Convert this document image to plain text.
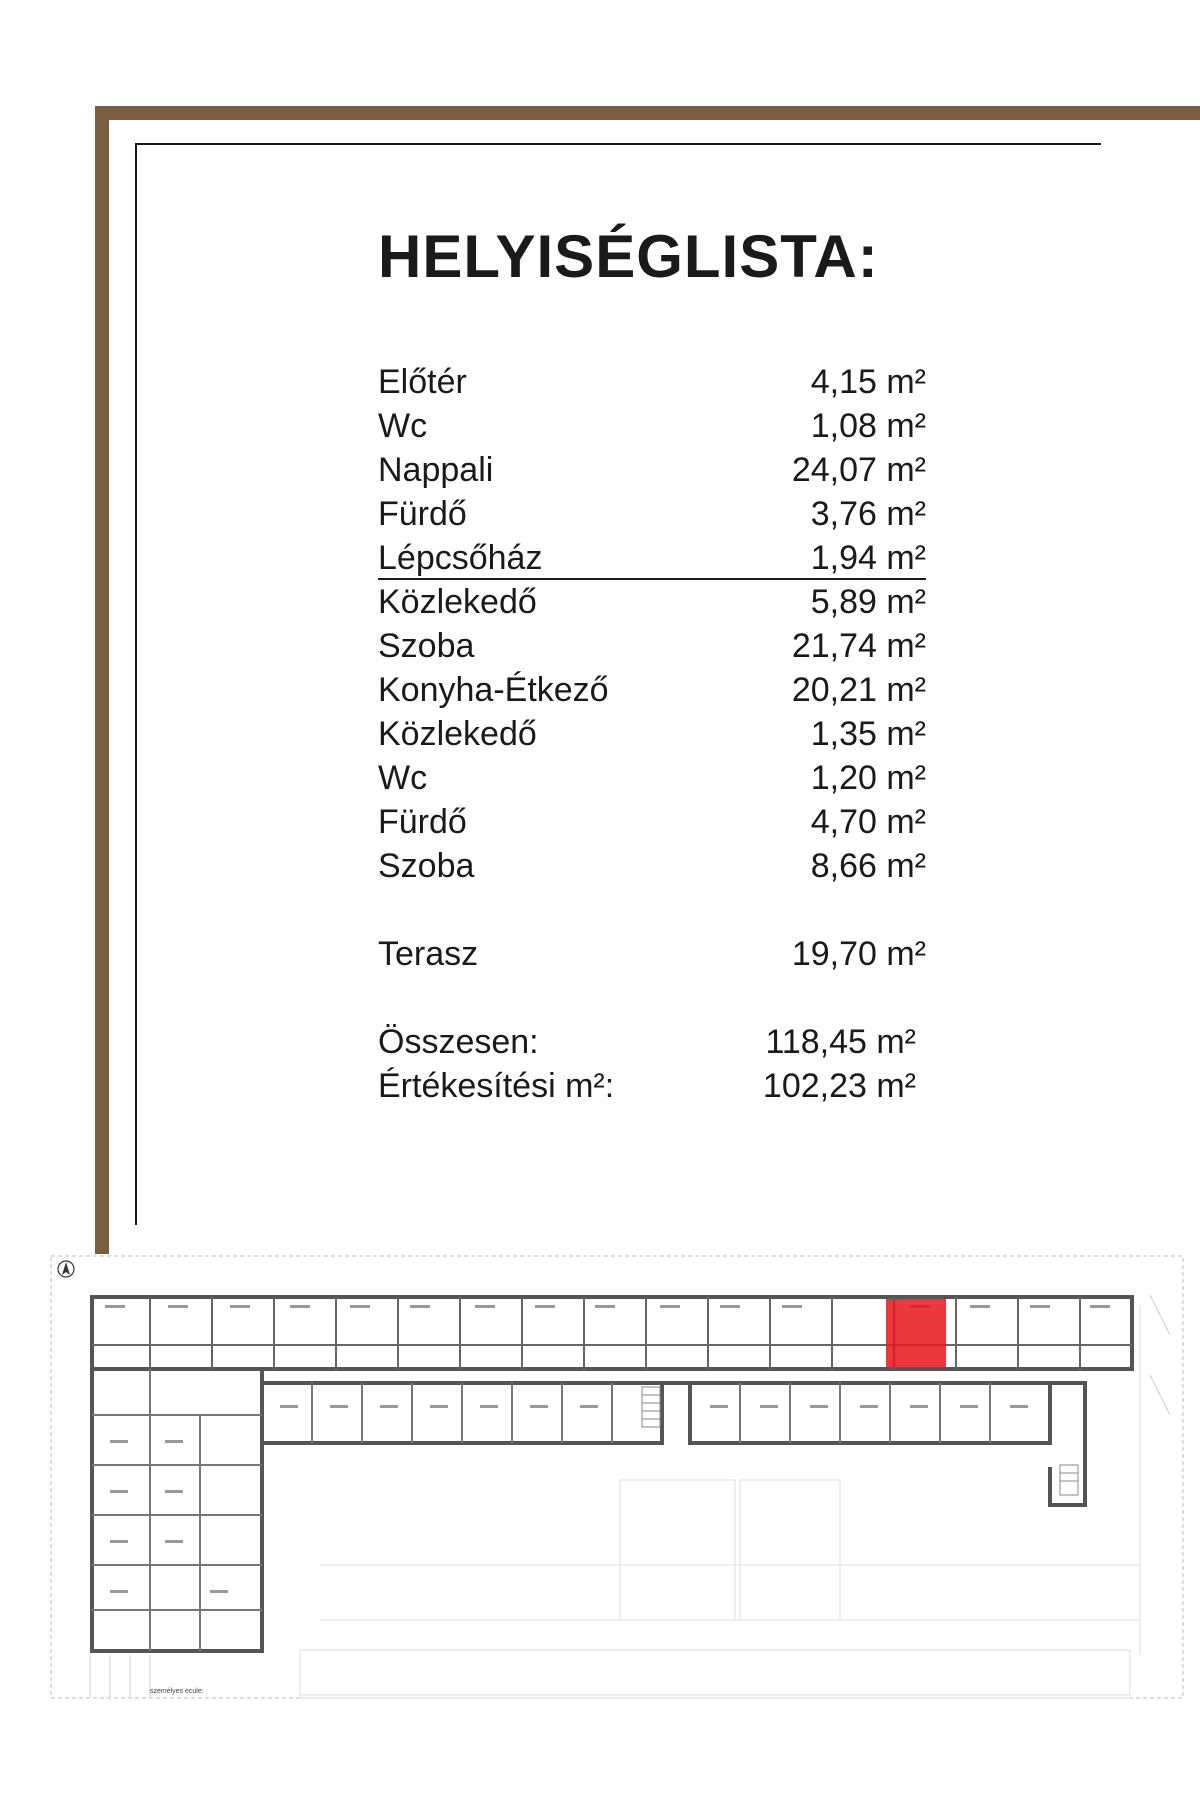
HELYISÉGLISTA:
Előtér	4,15 m²
Wc	1,08 m²
Nappali	24,07 m²
Fürdő	3,76 m²
Lépcsőház	1,94 m²
Közlekedő	5,89 m²
Szoba	21,74 m²
Konyha-Étkező	20,21 m²
Közlekedő	1,35 m²
Wc	1,20 m²
Fürdő	4,70 m²
Szoba	8,66 m²
Terasz	19,70 m²
Összesen:	118,45 m²
Értékesítési m²:	102,23 m²
személyes ecule:
